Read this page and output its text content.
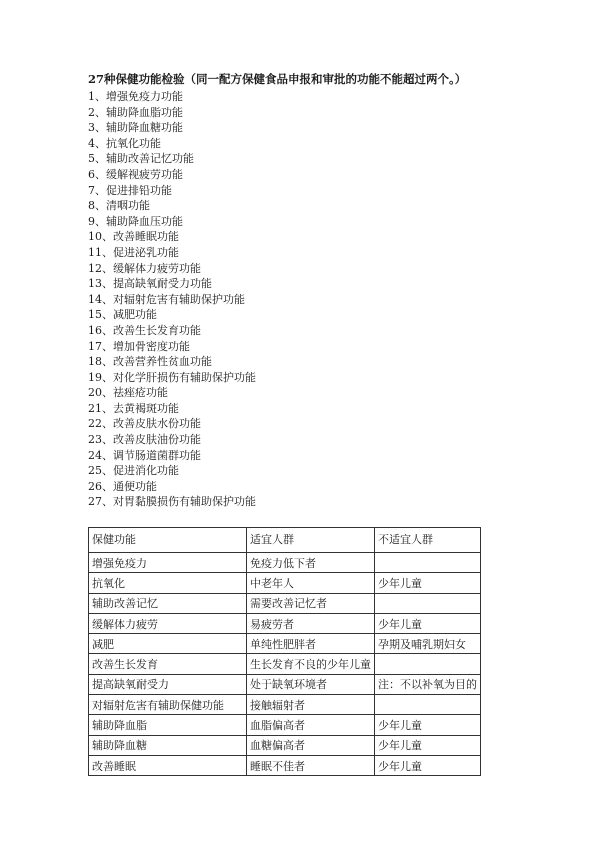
27种保健功能检验（同一配方保健食品申报和审批的功能不能超过两个。）
1、增强免疫力功能
2、辅助降血脂功能
3、辅助降血糖功能
4、抗氧化功能
5、辅助改善记忆功能
6、缓解视疲劳功能
7、促进排铅功能
8、清咽功能
9、辅助降血压功能
10、改善睡眠功能
11、促进泌乳功能
12、缓解体力疲劳功能
13、提高缺氧耐受力功能
14、对辐射危害有辅助保护功能
15、减肥功能
16、改善生长发育功能
17、增加骨密度功能
18、改善营养性贫血功能
19、对化学肝损伤有辅助保护功能
20、祛痤疮功能
21、去黄褐斑功能
22、改善皮肤水份功能
23、改善皮肤油份功能
24、调节肠道菌群功能
25、促进消化功能
26、通便功能
27、对胃黏膜损伤有辅助保护功能
保健功能	适宜人群	不适宜人群
增强免疫力	免疫力低下者	
抗氧化	中老年人	少年儿童
辅助改善记忆	需要改善记忆者	
缓解体力疲劳	易疲劳者	少年儿童
减肥	单纯性肥胖者	孕期及哺乳期妇女
改善生长发育	生长发育不良的少年儿童	
提高缺氧耐受力	处于缺氧环境者	注：不以补氧为目的
对辐射危害有辅助保健功能	接触辐射者	
辅助降血脂	血脂偏高者	少年儿童
辅助降血糖	血糖偏高者	少年儿童
改善睡眠	睡眠不佳者	少年儿童
